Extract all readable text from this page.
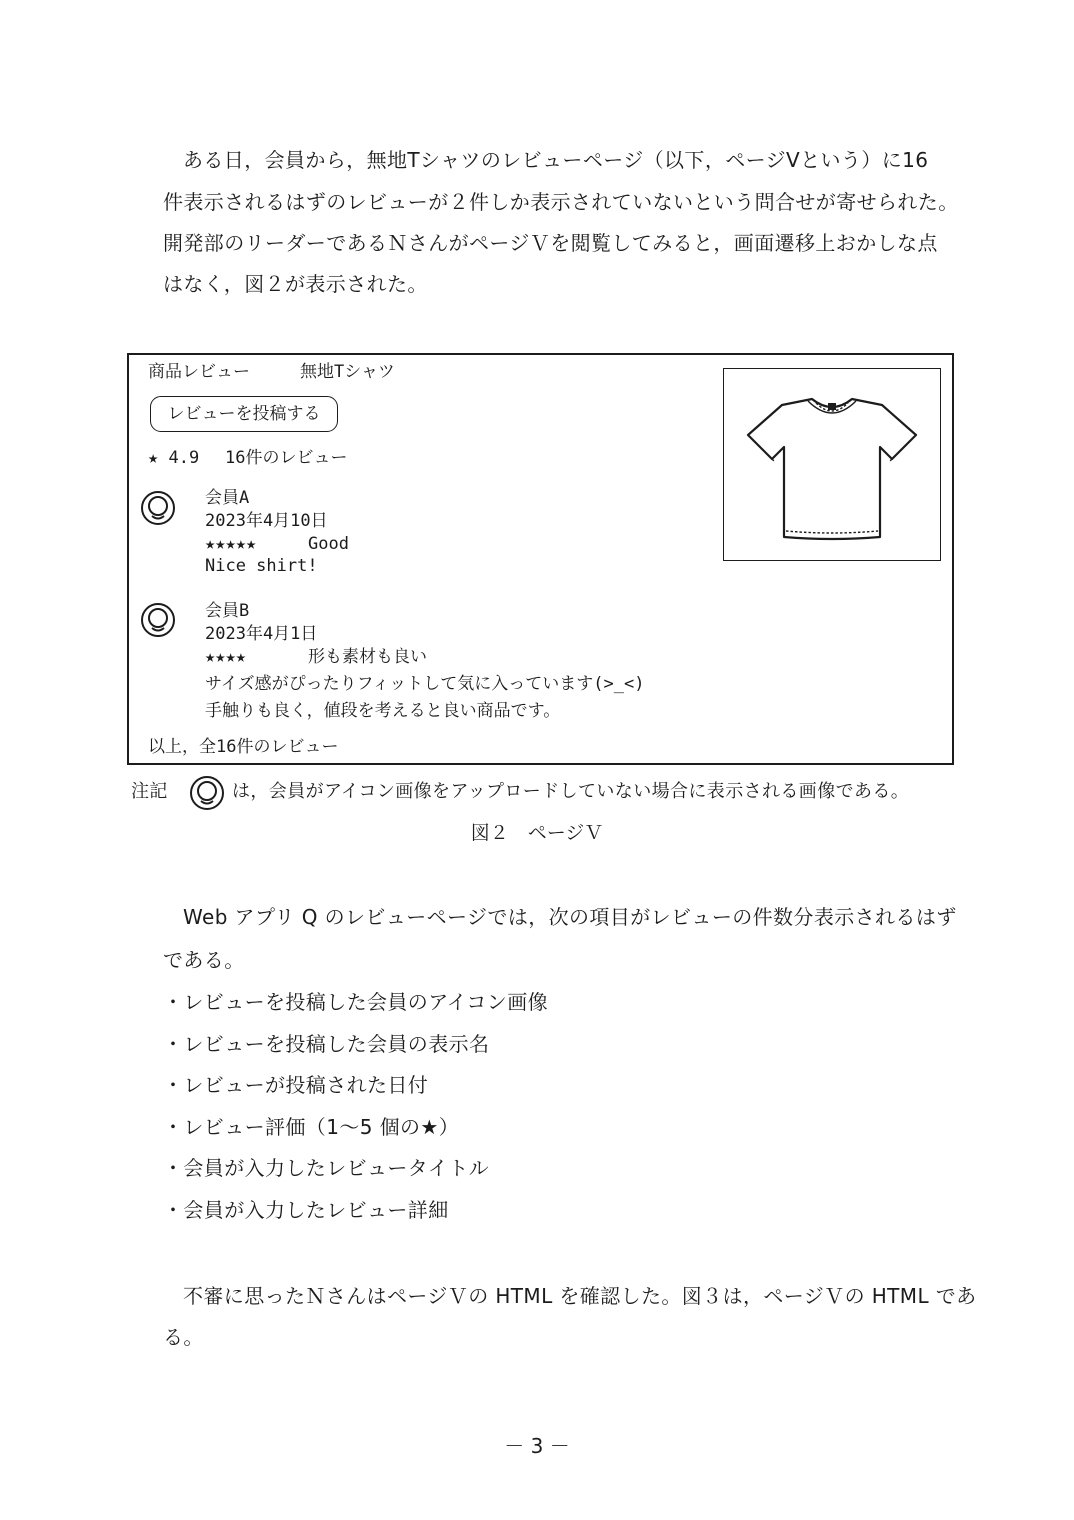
ある日，会員から，無地Tシャツのレビューページ（以下，ページVという）に16
件表示されるはずのレビューが２件しか表示されていないという問合せが寄せられた。
開発部のリーダーであるＮさんがページＶを閲覧してみると，画面遷移上おかしな点
はなく，図２が表示された。
商品レビュー	無地Tシャツ
レビューを投稿する
★ 4.9 16件のレビュー
会員A
2023年4月10日
★★★★★	Good
Nice shirt!
会員B
2023年4月1日
★★★★	形も素材も良い
サイズ感がぴったりフィットして気に入っています(>_<)
手触りも良く，値段を考えると良い商品です。
以上，全16件のレビュー
注記	は，会員がアイコン画像をアップロードしていない場合に表示される画像である。
図２　ページＶ
Web アプリ Q のレビューページでは，次の項目がレビューの件数分表示されるはず
である。
・レビューを投稿した会員のアイコン画像
・レビューを投稿した会員の表示名
・レビューが投稿された日付
・レビュー評価（1～5 個の★）
・会員が入力したレビュータイトル
・会員が入力したレビュー詳細
不審に思ったＮさんはページＶの HTML を確認した。図３は，ページＶの HTML であ
る。
－ 3 －
